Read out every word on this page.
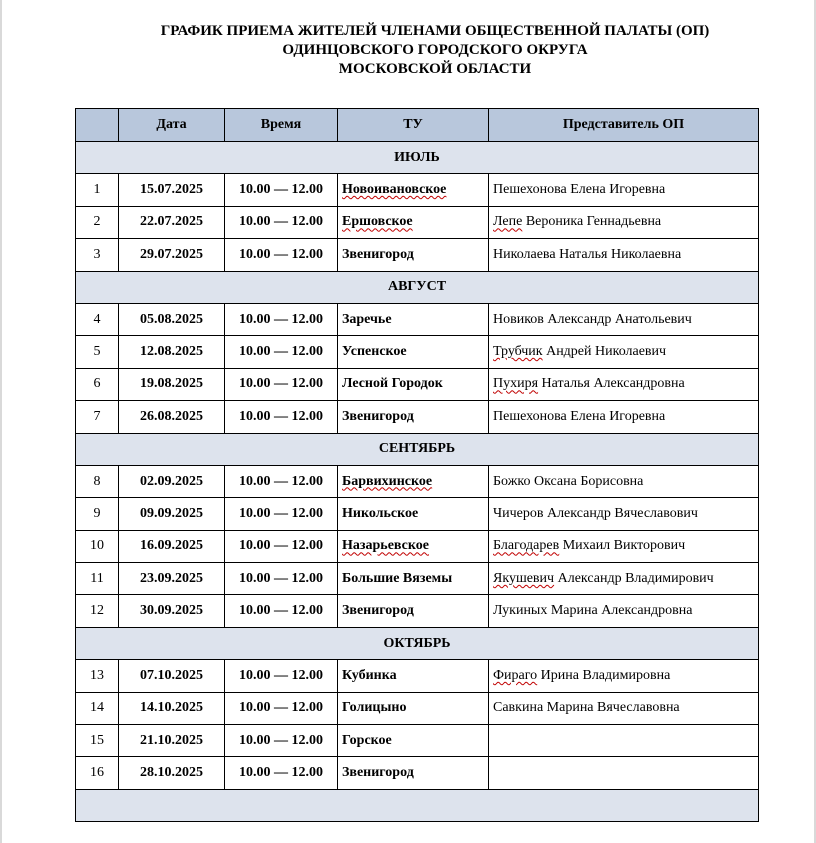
ГРАФИК ПРИЕМА ЖИТЕЛЕЙ ЧЛЕНАМИ ОБЩЕСТВЕННОЙ ПАЛАТЫ (ОП)
ОДИНЦОВСКОГО ГОРОДСКОГО ОКРУГА
МОСКОВСКОЙ ОБЛАСТИ
	Дата	Время	ТУ	Представитель ОП
ИЮЛЬ				
1	15.07.2025	10.00 — 12.00	Новоивановское	Пешехонова Елена Игоревна
2	22.07.2025	10.00 — 12.00	Ершовское	Лепе Вероника Геннадьевна
3	29.07.2025	10.00 — 12.00	Звенигород	Николаева Наталья Николаевна
АВГУСТ				
4	05.08.2025	10.00 — 12.00	Заречье	Новиков Александр Анатольевич
5	12.08.2025	10.00 — 12.00	Успенское	Трубчик Андрей Николаевич
6	19.08.2025	10.00 — 12.00	Лесной Городок	Пухиря Наталья Александровна
7	26.08.2025	10.00 — 12.00	Звенигород	Пешехонова Елена Игоревна
СЕНТЯБРЬ				
8	02.09.2025	10.00 — 12.00	Барвихинское	Божко Оксана Борисовна
9	09.09.2025	10.00 — 12.00	Никольское	Чичеров Александр Вячеславович
10	16.09.2025	10.00 — 12.00	Назарьевское	Благодарев Михаил Викторович
11	23.09.2025	10.00 — 12.00	Большие Вяземы	Якушевич Александр Владимирович
12	30.09.2025	10.00 — 12.00	Звенигород	Лукиных Марина Александровна
ОКТЯБРЬ				
13	07.10.2025	10.00 — 12.00	Кубинка	Фираго Ирина Владимировна
14	14.10.2025	10.00 — 12.00	Голицыно	Савкина Марина Вячеславовна
15	21.10.2025	10.00 — 12.00	Горское	
16	28.10.2025	10.00 — 12.00	Звенигород	
